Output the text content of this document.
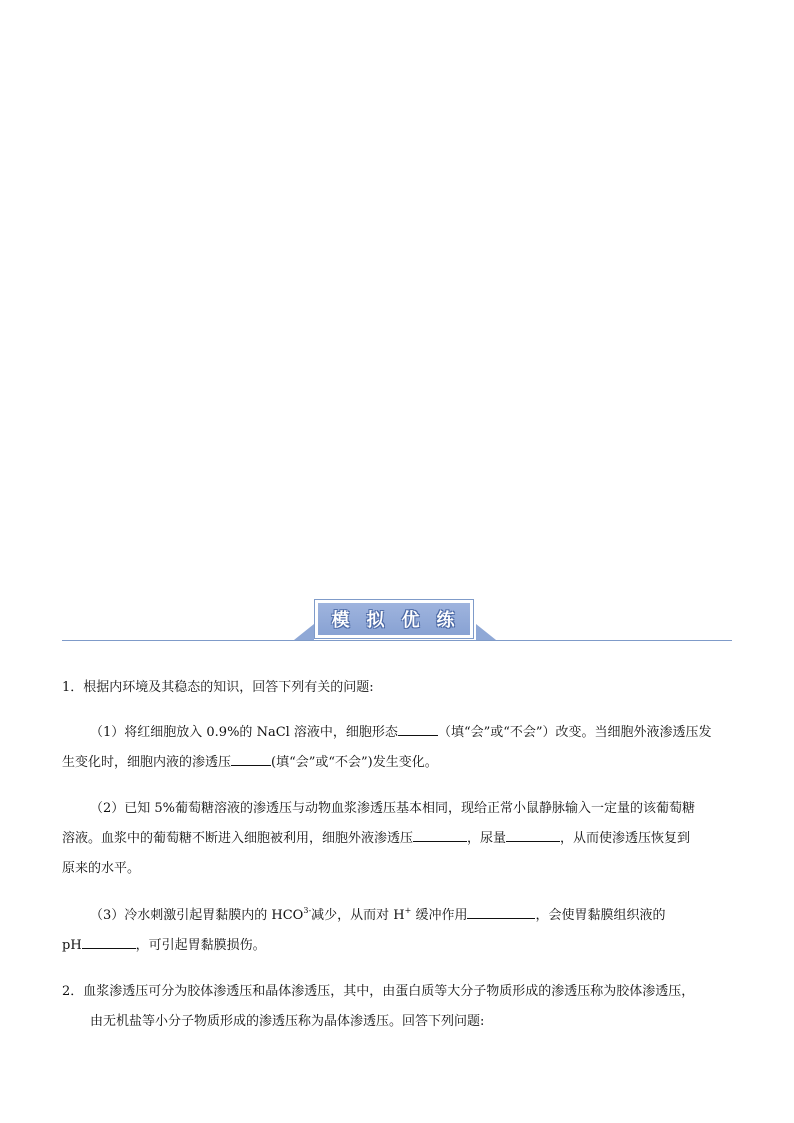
模 拟 优 练
1．根据内环境及其稳态的知识，回答下列有关的问题:
（1）将红细胞放入 0.9%的 NaCl 溶液中，细胞形态	（填“会”或“不会”）改变。当细胞外液渗透压发
生变化时，细胞内液的渗透压	(填“会”或“不会”)发生变化。
（2）已知 5%葡萄糖溶液的渗透压与动物血浆渗透压基本相同，现给正常小鼠静脉输入一定量的该葡萄糖
溶液。血浆中的葡萄糖不断进入细胞被利用，细胞外液渗透压	，尿量	，从而使渗透压恢复到
原来的水平。
（3）冷水刺激引起胃黏膜内的 $HCO^{3-}$减少，从而对 H+ 缓冲作用	，会使胃黏膜组织液的
pH	，可引起胃黏膜损伤。
2．血浆渗透压可分为胶体渗透压和晶体渗透压，其中，由蛋白质等大分子物质形成的渗透压称为胶体渗透压，
由无机盐等小分子物质形成的渗透压称为晶体渗透压。回答下列问题:
